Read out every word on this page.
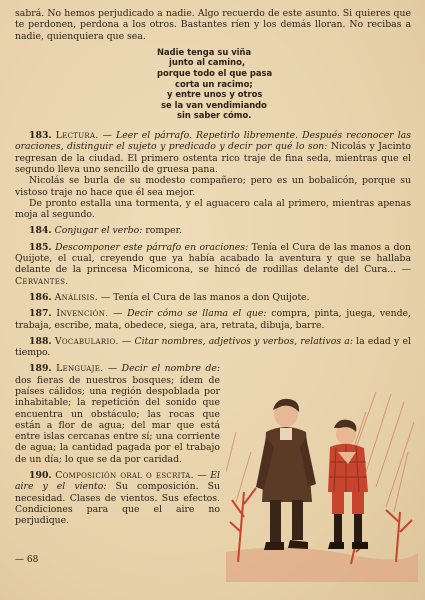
sabrá. No hemos perjudicado a nadie. Algo recuerdo de este asunto. Si quieres que te perdonen, perdona a los otros. Bastantes ríen y los demás lloran. No recibas a nadie, quienquiera que sea.

Nadie tenga su viña
junto al camino,
porque todo el que pasa
corta un racimo;
y entre unos y otros
se la van vendimiando
sin saber cómo.

183. Lectura. — Leer el párrafo. Repetirlo libremente. Después reconocer las oraciones, distinguir el sujeto y predicado y decir por qué lo son: Nicolás y Jacinto regresan de la ciudad. El primero ostenta rico traje de fina seda, mientras que el segundo lleva uno sencillo de gruesa pana.

Nicolás se burla de su modesto compañero; pero es un bobalicón, porque su vistoso traje no hace que él sea mejor.

De pronto estalla una tormenta, y el aguacero cala al primero, mientras apenas moja al segundo.

184. Conjugar el verbo: romper.

185. Descomponer este párrafo en oraciones: Tenía el Cura de las manos a don Quijote, el cual, creyendo que ya había acabado la aventura y que se hallaba delante de la princesa Micomicona, se hincó de rodillas delante del Cura... — Cervantes.

186. Análisis. — Tenía el Cura de las manos a don Quijote.

187. Invención. — Decir cómo se llama el que: compra, pinta, juega, vende, trabaja, escribe, mata, obedece, siega, ara, retrata, dibuja, barre.

188. Vocabulario. — Citar nombres, adjetivos y verbos, relativos a: la edad y el tiempo.

189. Lenguaje. — Decir el nombre de: dos fieras de nuestros bosques; ídem de países cálidos; una región despoblada por inhabitable; la repetición del sonido que encuentra un obstáculo; las rocas que están a flor de agua; del mar que está entre islas cercanas entre sí; una corriente de agua; la cantidad pagada por el trabajo de un día; lo que se da por caridad.

190. Composición oral o escrita. — El aire y el viento: Su composición. Su necesidad. Clases de vientos. Sus efectos. Condiciones para que el aire no perjudique.

— 68
